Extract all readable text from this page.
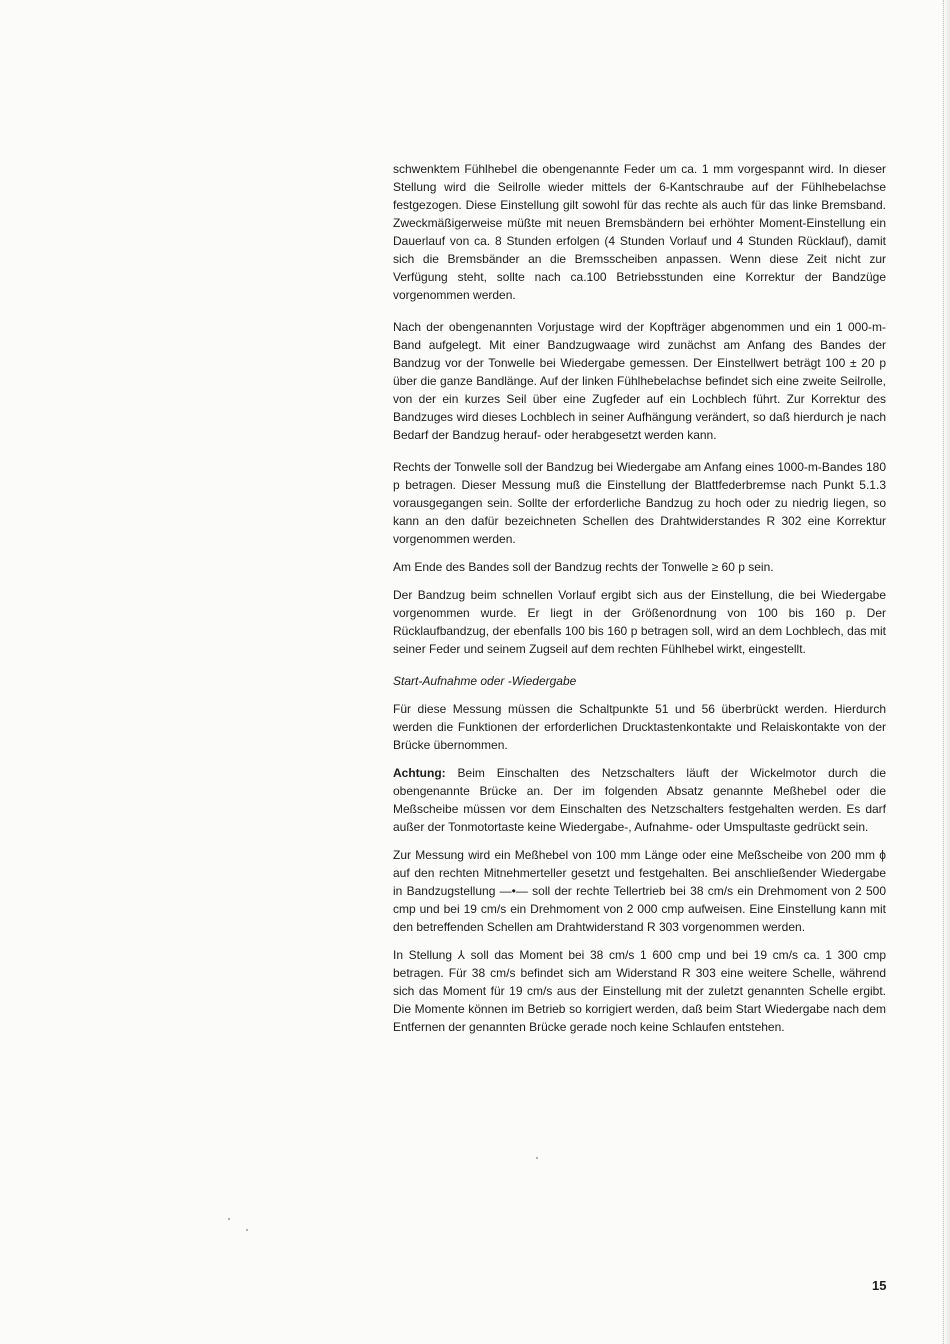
schwenktem Fühlhebel die obengenannte Feder um ca. 1 mm vorgespannt wird. In dieser Stellung wird die Seilrolle wieder mittels der 6-Kantschraube auf der Fühlhebelachse festgezogen. Diese Einstellung gilt sowohl für das rechte als auch für das linke Bremsband. Zweckmäßigerweise müßte mit neuen Bremsbändern bei erhöhter Moment-Einstellung ein Dauerlauf von ca. 8 Stunden erfolgen (4 Stunden Vorlauf und 4 Stunden Rücklauf), damit sich die Bremsbänder an die Bremsscheiben anpassen. Wenn diese Zeit nicht zur Verfügung steht, sollte nach ca.100 Betriebsstunden eine Korrektur der Bandzüge vorgenommen werden.

Nach der obengenannten Vorjustage wird der Kopfträger abgenommen und ein 1 000-m-Band aufgelegt. Mit einer Bandzugwaage wird zunächst am Anfang des Bandes der Bandzug vor der Tonwelle bei Wiedergabe gemessen. Der Einstellwert beträgt 100 ± 20 p über die ganze Bandlänge. Auf der linken Fühlhebelachse befindet sich eine zweite Seilrolle, von der ein kurzes Seil über eine Zugfeder auf ein Lochblech führt. Zur Korrektur des Bandzuges wird dieses Lochblech in seiner Aufhängung verändert, so daß hierdurch je nach Bedarf der Bandzug herauf- oder herabgesetzt werden kann.

Rechts der Tonwelle soll der Bandzug bei Wiedergabe am Anfang eines 1000-m-Bandes 180 p betragen. Dieser Messung muß die Einstellung der Blattfederbremse nach Punkt 5.1.3 vorausgegangen sein. Sollte der erforderliche Bandzug zu hoch oder zu niedrig liegen, so kann an den dafür bezeichneten Schellen des Drahtwiderstandes R 302 eine Korrektur vorgenommen werden.

Am Ende des Bandes soll der Bandzug rechts der Tonwelle ≥ 60 p sein.

Der Bandzug beim schnellen Vorlauf ergibt sich aus der Einstellung, die bei Wiedergabe vorgenommen wurde. Er liegt in der Größenordnung von 100 bis 160 p. Der Rücklaufbandzug, der ebenfalls 100 bis 160 p betragen soll, wird an dem Lochblech, das mit seiner Feder und seinem Zugseil auf dem rechten Fühlhebel wirkt, eingestellt.

Start-Aufnahme oder -Wiedergabe

Für diese Messung müssen die Schaltpunkte 51 und 56 überbrückt werden. Hierdurch werden die Funktionen der erforderlichen Drucktastenkontakte und Relaiskontakte von der Brücke übernommen.

Achtung: Beim Einschalten des Netzschalters läuft der Wickelmotor durch die obengenannte Brücke an. Der im folgenden Absatz genannte Meßhebel oder die Meßscheibe müssen vor dem Einschalten des Netzschalters festgehalten werden. Es darf außer der Tonmotortaste keine Wiedergabe-, Aufnahme- oder Umspultaste gedrückt sein.

Zur Messung wird ein Meßhebel von 100 mm Länge oder eine Meßscheibe von 200 mm ϕ auf den rechten Mitnehmerteller gesetzt und festgehalten. Bei anschließender Wiedergabe in Bandzugstellung —•— soll der rechte Tellertrieb bei 38 cm/s ein Drehmoment von 2 500 cmp und bei 19 cm/s ein Drehmoment von 2 000 cmp aufweisen. Eine Einstellung kann mit den betreffenden Schellen am Drahtwiderstand R 303 vorgenommen werden.

In Stellung ⅄ soll das Moment bei 38 cm/s 1 600 cmp und bei 19 cm/s ca. 1 300 cmp betragen. Für 38 cm/s befindet sich am Widerstand R 303 eine weitere Schelle, während sich das Moment für 19 cm/s aus der Einstellung mit der zuletzt genannten Schelle ergibt. Die Momente können im Betrieb so korrigiert werden, daß beim Start Wiedergabe nach dem Entfernen der genannten Brücke gerade noch keine Schlaufen entstehen.

15
